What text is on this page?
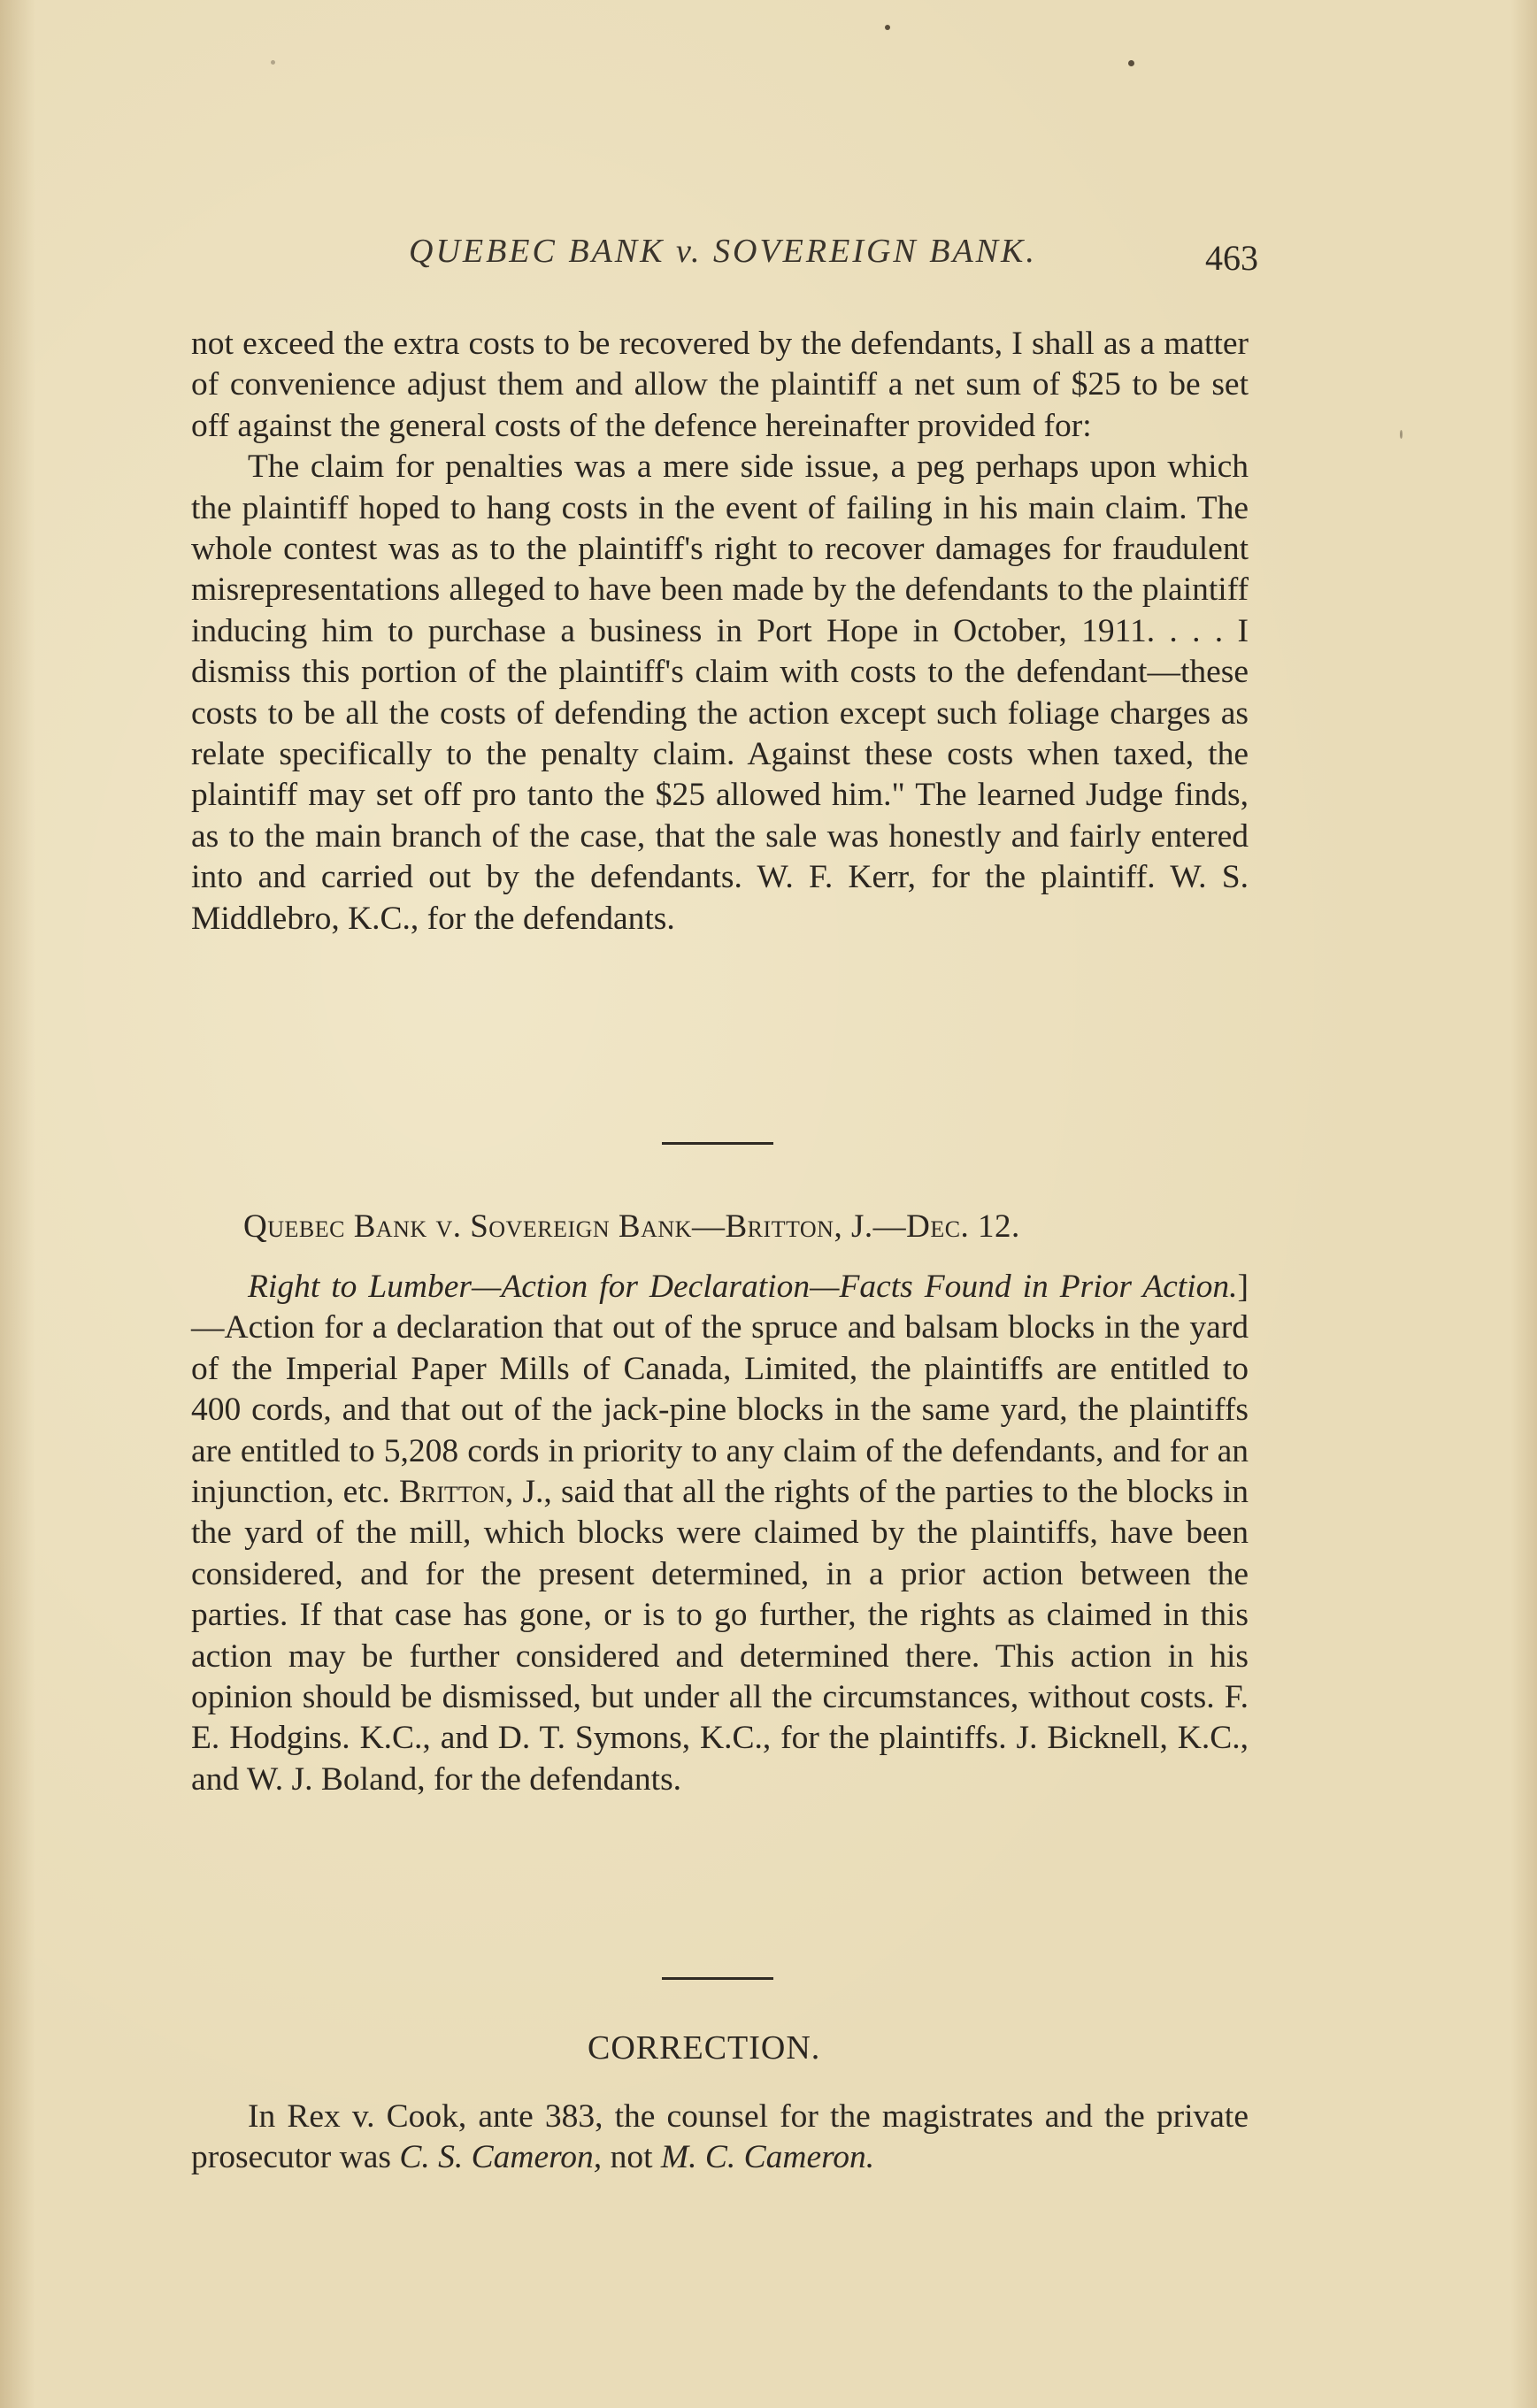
QUEBEC BANK v. SOVEREIGN BANK.	463
not exceed the extra costs to be recovered by the defendants, I shall as a matter of convenience adjust them and allow the plaintiff a net sum of $25 to be set off against the general costs of the defence hereinafter provided for:
The claim for penalties was a mere side issue, a peg perhaps upon which the plaintiff hoped to hang costs in the event of failing in his main claim. The whole contest was as to the plaintiff's right to recover damages for fraudulent misrepresentations alleged to have been made by the defendants to the plaintiff inducing him to purchase a business in Port Hope in October, 1911. . . . I dismiss this portion of the plaintiff's claim with costs to the defendant—these costs to be all the costs of defending the action except such foliage charges as relate specifically to the penalty claim. Against these costs when taxed, the plaintiff may set off pro tanto the $25 allowed him." The learned Judge finds, as to the main branch of the case, that the sale was honestly and fairly entered into and carried out by the defendants. W. F. Kerr, for the plaintiff. W. S. Middlebro, K.C., for the defendants.
Quebec Bank v. Sovereign Bank—Britton, J.—Dec. 12.
Right to Lumber—Action for Declaration—Facts Found in Prior Action.]—Action for a declaration that out of the spruce and balsam blocks in the yard of the Imperial Paper Mills of Canada, Limited, the plaintiffs are entitled to 400 cords, and that out of the jack-pine blocks in the same yard, the plaintiffs are entitled to 5,208 cords in priority to any claim of the defendants, and for an injunction, etc. Britton, J., said that all the rights of the parties to the blocks in the yard of the mill, which blocks were claimed by the plaintiffs, have been considered, and for the present determined, in a prior action between the parties. If that case has gone, or is to go further, the rights as claimed in this action may be further considered and determined there. This action in his opinion should be dismissed, but under all the circumstances, without costs. F. E. Hodgins. K.C., and D. T. Symons, K.C., for the plaintiffs. J. Bicknell, K.C., and W. J. Boland, for the defendants.
CORRECTION.
In Rex v. Cook, ante 383, the counsel for the magistrates and the private prosecutor was C. S. Cameron, not M. C. Cameron.
